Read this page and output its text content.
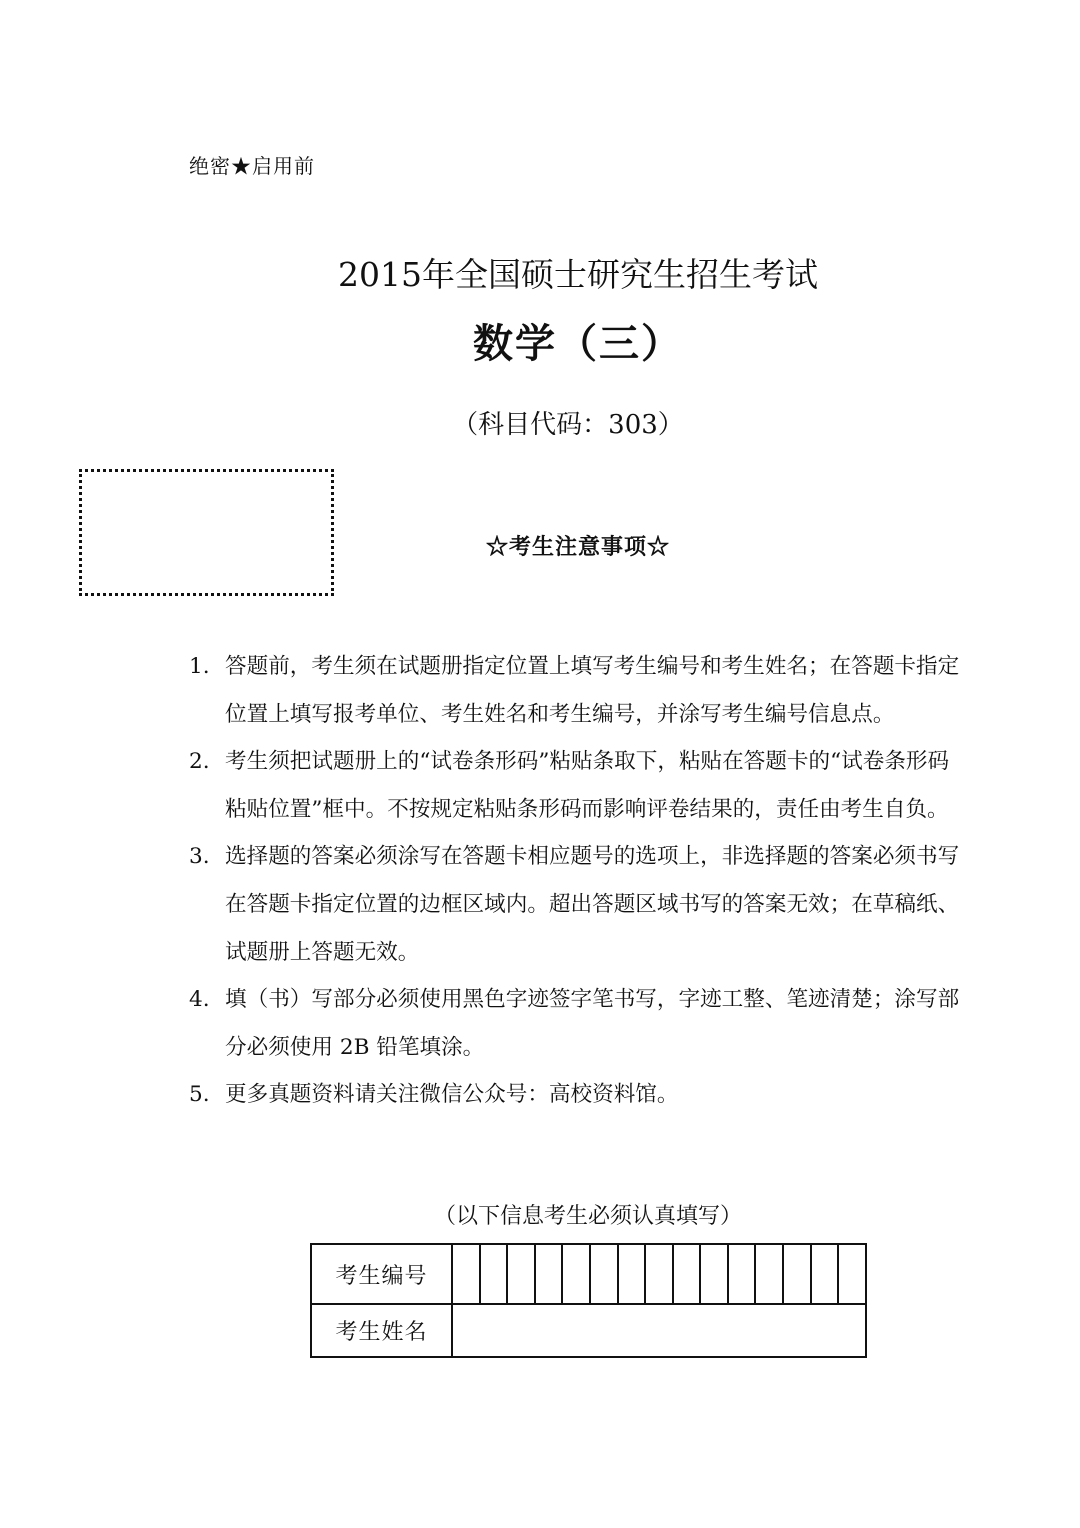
绝密★启用前
2015年全国硕士研究生招生考试
数学（三）
（科目代码：303）
☆考生注意事项☆
1. 答题前，考生须在试题册指定位置上填写考生编号和考生姓名；在答题卡指定位置上填写报考单位、考生姓名和考生编号，并涂写考生编号信息点。
2. 考生须把试题册上的“试卷条形码”粘贴条取下，粘贴在答题卡的“试卷条形码粘贴位置”框中。不按规定粘贴条形码而影响评卷结果的，责任由考生自负。
3. 选择题的答案必须涂写在答题卡相应题号的选项上，非选择题的答案必须书写在答题卡指定位置的边框区域内。超出答题区域书写的答案无效；在草稿纸、试题册上答题无效。
4. 填（书）写部分必须使用黑色字迹签字笔书写，字迹工整、笔迹清楚；涂写部分必须使用 2B 铅笔填涂。
5. 更多真题资料请关注微信公众号：高校资料馆。
（以下信息考生必须认真填写）
考生编号															
考生姓名															
